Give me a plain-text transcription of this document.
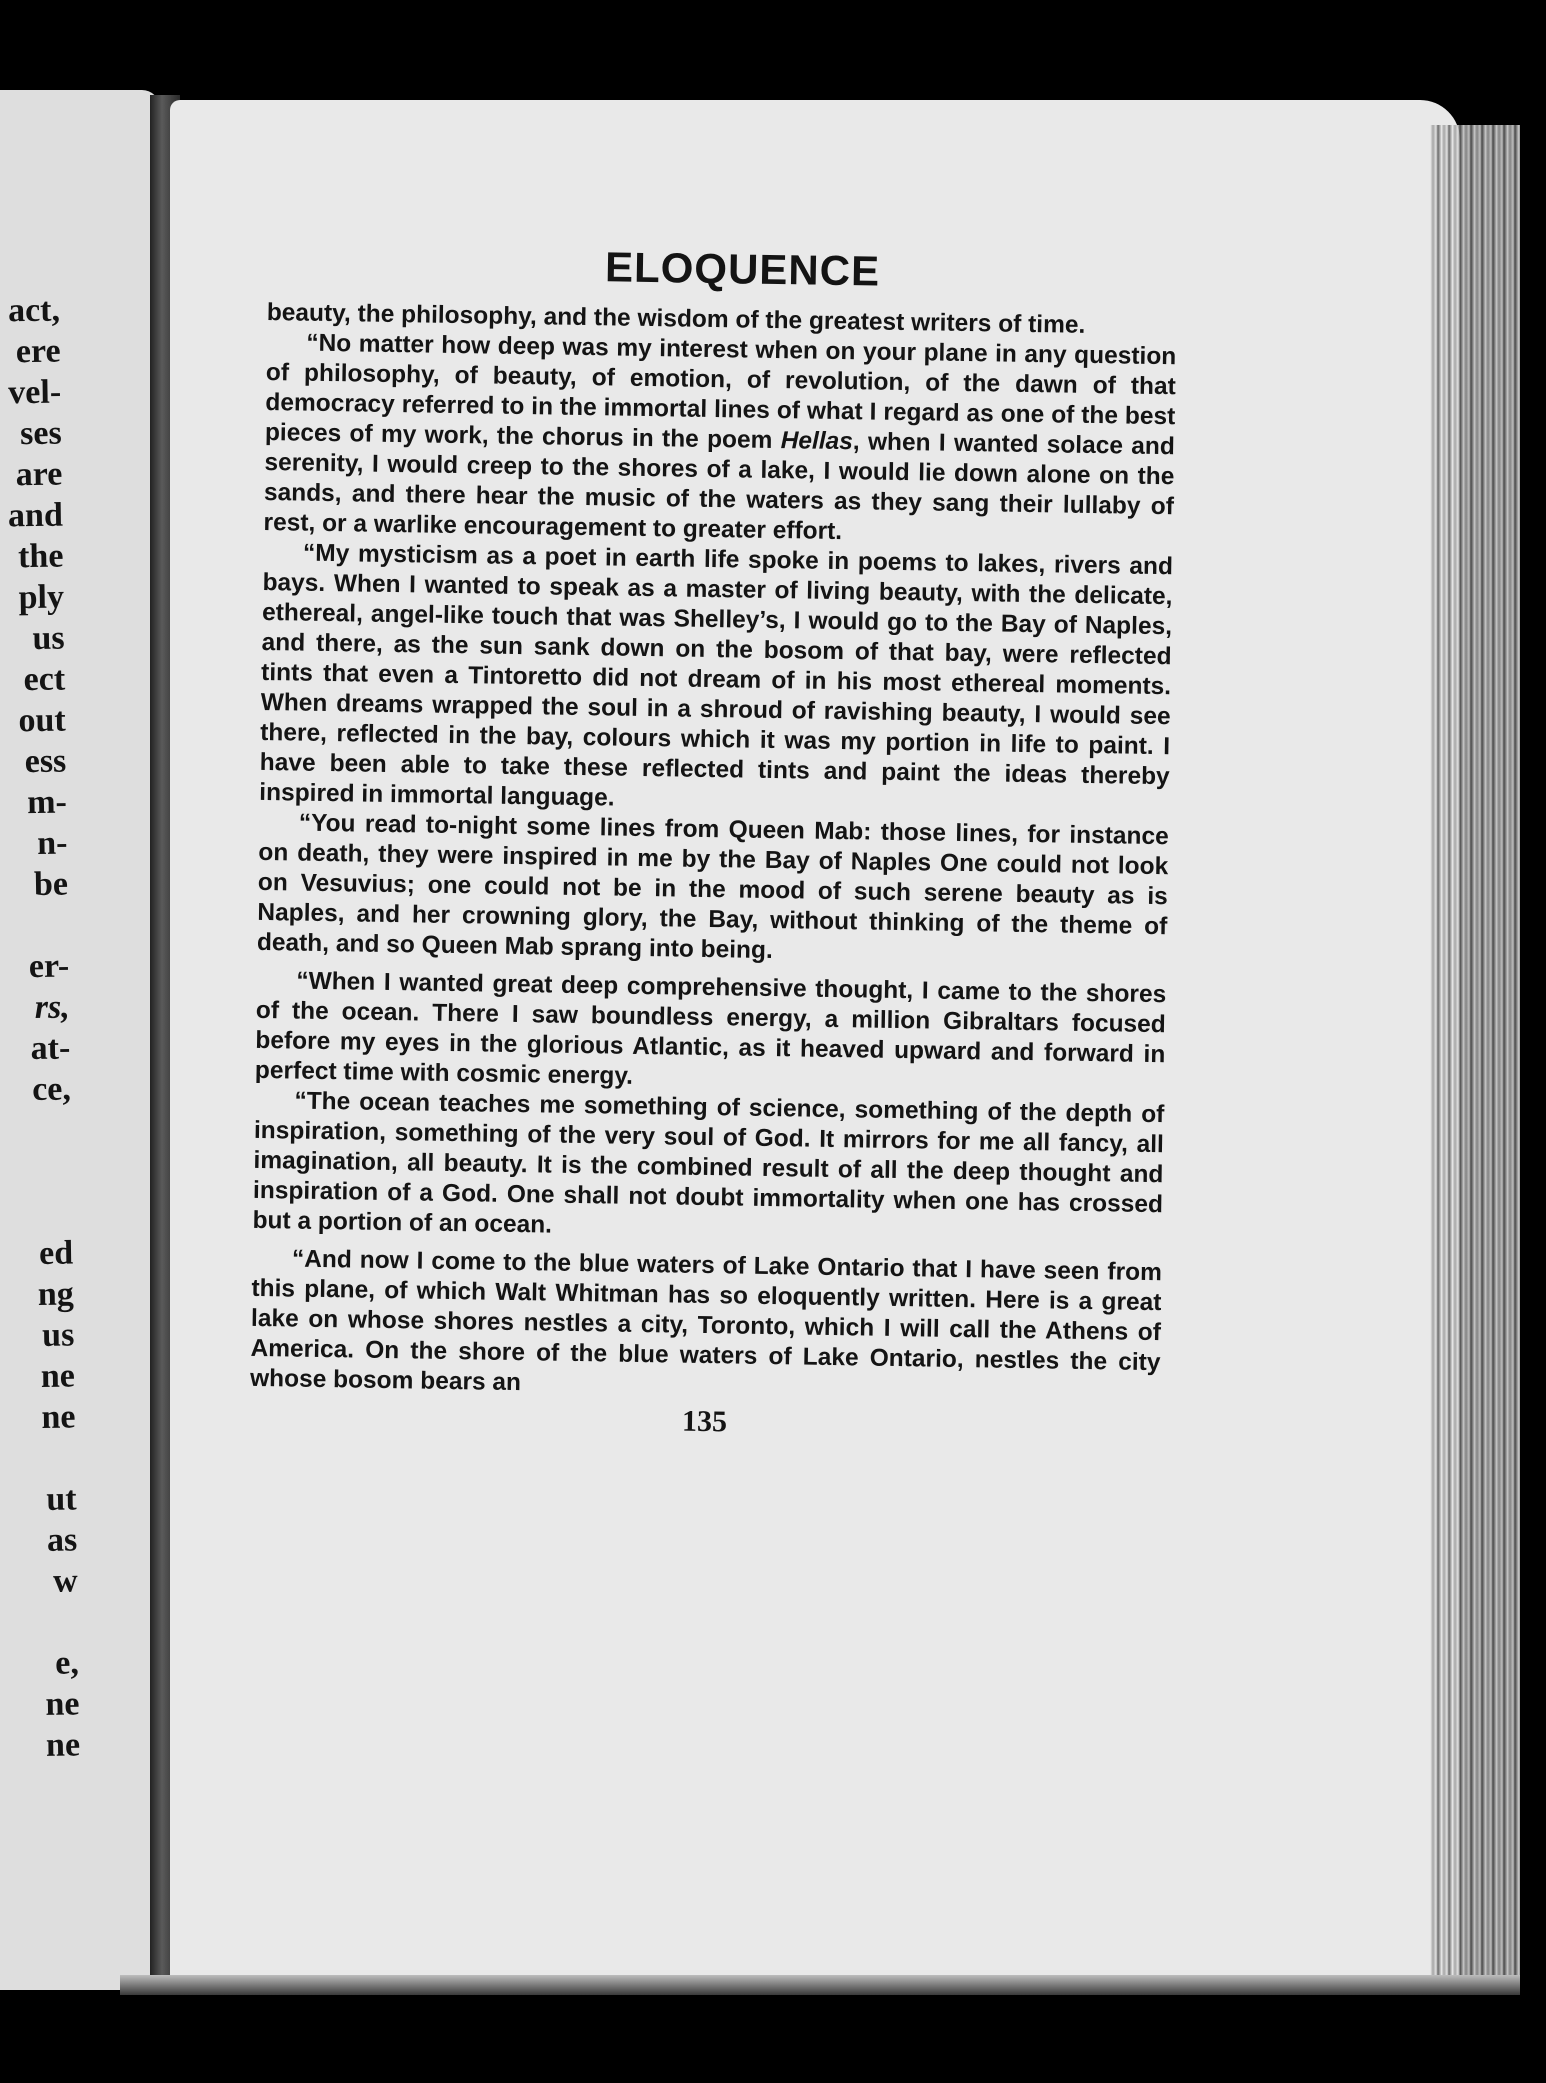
act,
ere
vel-
ses
are
and
the
ply
us
ect
out
ess
m-
n-
be
er-
rs,
at-
ce,
ed
ng
us
ne
ne
ut
as
w
e,
ne
ne
ELOQUENCE

beauty, the philosophy, and the wisdom of the greatest writers of time.

“No matter how deep was my interest when on your plane in any question of philosophy, of beauty, of emotion, of revolution, of the dawn of that democracy referred to in the immortal lines of what I regard as one of the best pieces of my work, the chorus in the poem Hellas, when I wanted solace and serenity, I would creep to the shores of a lake, I would lie down alone on the sands, and there hear the music of the waters as they sang their lullaby of rest, or a warlike encouragement to greater effort.

“My mysticism as a poet in earth life spoke in poems to lakes, rivers and bays. When I wanted to speak as a master of living beauty, with the delicate, ethereal, angel-like touch that was Shelley’s, I would go to the Bay of Naples, and there, as the sun sank down on the bosom of that bay, were reflected tints that even a Tintoretto did not dream of in his most ethereal moments. When dreams wrapped the soul in a shroud of ravishing beauty, I would see there, reflected in the bay, colours which it was my portion in life to paint. I have been able to take these reflected tints and paint the ideas thereby inspired in immortal language.

“You read to-night some lines from Queen Mab: those lines, for instance on death, they were inspired in me by the Bay of Naples One could not look on Vesuvius; one could not be in the mood of such serene beauty as is Naples, and her crowning glory, the Bay, without thinking of the theme of death, and so Queen Mab sprang into being.

“When I wanted great deep comprehensive thought, I came to the shores of the ocean. There I saw boundless energy, a million Gibraltars focused before my eyes in the glorious Atlantic, as it heaved upward and forward in perfect time with cosmic energy.

“The ocean teaches me something of science, something of the depth of inspiration, something of the very soul of God. It mirrors for me all fancy, all imagination, all beauty. It is the combined result of all the deep thought and inspiration of a God. One shall not doubt immortality when one has crossed but a portion of an ocean.

“And now I come to the blue waters of Lake Ontario that I have seen from this plane, of which Walt Whitman has so eloquently written. Here is a great lake on whose shores nestles a city, Toronto, which I will call the Athens of America. On the shore of the blue waters of Lake Ontario, nestles the city whose bosom bears an

135
